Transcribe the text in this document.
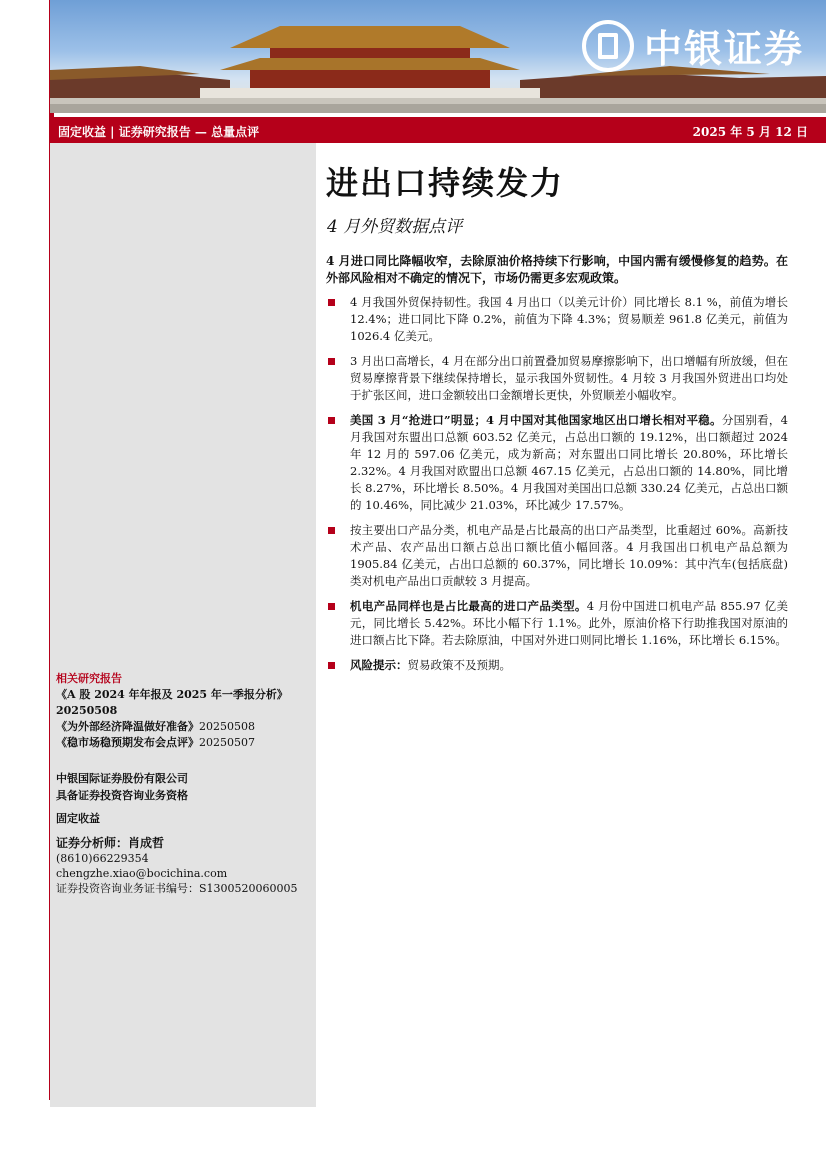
中银证券
固定收益 | 证券研究报告 — 总量点评	2025 年 5 月 12 日
进出口持续发力
4 月外贸数据点评
4 月进口同比降幅收窄，去除原油价格持续下行影响，中国内需有缓慢修复的趋势。在外部风险相对不确定的情况下，市场仍需更多宏观政策。
4 月我国外贸保持韧性。我国 4 月出口（以美元计价）同比增长 8.1 %，前值为增长 12.4%；进口同比下降 0.2%，前值为下降 4.3%；贸易顺差 961.8 亿美元，前值为 1026.4 亿美元。
3 月出口高增长，4 月在部分出口前置叠加贸易摩擦影响下，出口增幅有所放缓，但在贸易摩擦背景下继续保持增长，显示我国外贸韧性。4 月较 3 月我国外贸进出口均处于扩张区间，进口金额较出口金额增长更快，外贸顺差小幅收窄。
美国 3 月“抢进口”明显；4 月中国对其他国家地区出口增长相对平稳。分国别看，4 月我国对东盟出口总额 603.52 亿美元，占总出口额的 19.12%，出口额超过 2024 年 12 月的 597.06 亿美元，成为新高；对东盟出口同比增长 20.80%，环比增长 2.32%。4 月我国对欧盟出口总额 467.15 亿美元，占总出口额的 14.80%，同比增长 8.27%，环比增长 8.50%。4 月我国对美国出口总额 330.24 亿美元，占总出口额的 10.46%，同比减少 21.03%，环比减少 17.57%。
按主要出口产品分类，机电产品是占比最高的出口产品类型，比重超过 60%。高新技术产品、农产品出口额占总出口额比值小幅回落。4 月我国出口机电产品总额为 1905.84 亿美元，占出口总额的 60.37%，同比增长 10.09%：其中汽车(包括底盘)类对机电产品出口贡献较 3 月提高。
机电产品同样也是占比最高的进口产品类型。4 月份中国进口机电产品 855.97 亿美元，同比增长 5.42%。环比小幅下行 1.1%。此外，原油价格下行助推我国对原油的进口额占比下降。若去除原油，中国对外进口则同比增长 1.16%，环比增长 6.15%。
风险提示：贸易政策不及预期。
相关研究报告
《A 股 2024 年年报及 2025 年一季报分析》
20250508
《为外部经济降温做好准备》20250508
《稳市场稳预期发布会点评》20250507
中银国际证券股份有限公司
具备证券投资咨询业务资格
固定收益
证券分析师：肖成哲
(8610)66229354
chengzhe.xiao@bocichina.com
证券投资咨询业务证书编号：S1300520060005
